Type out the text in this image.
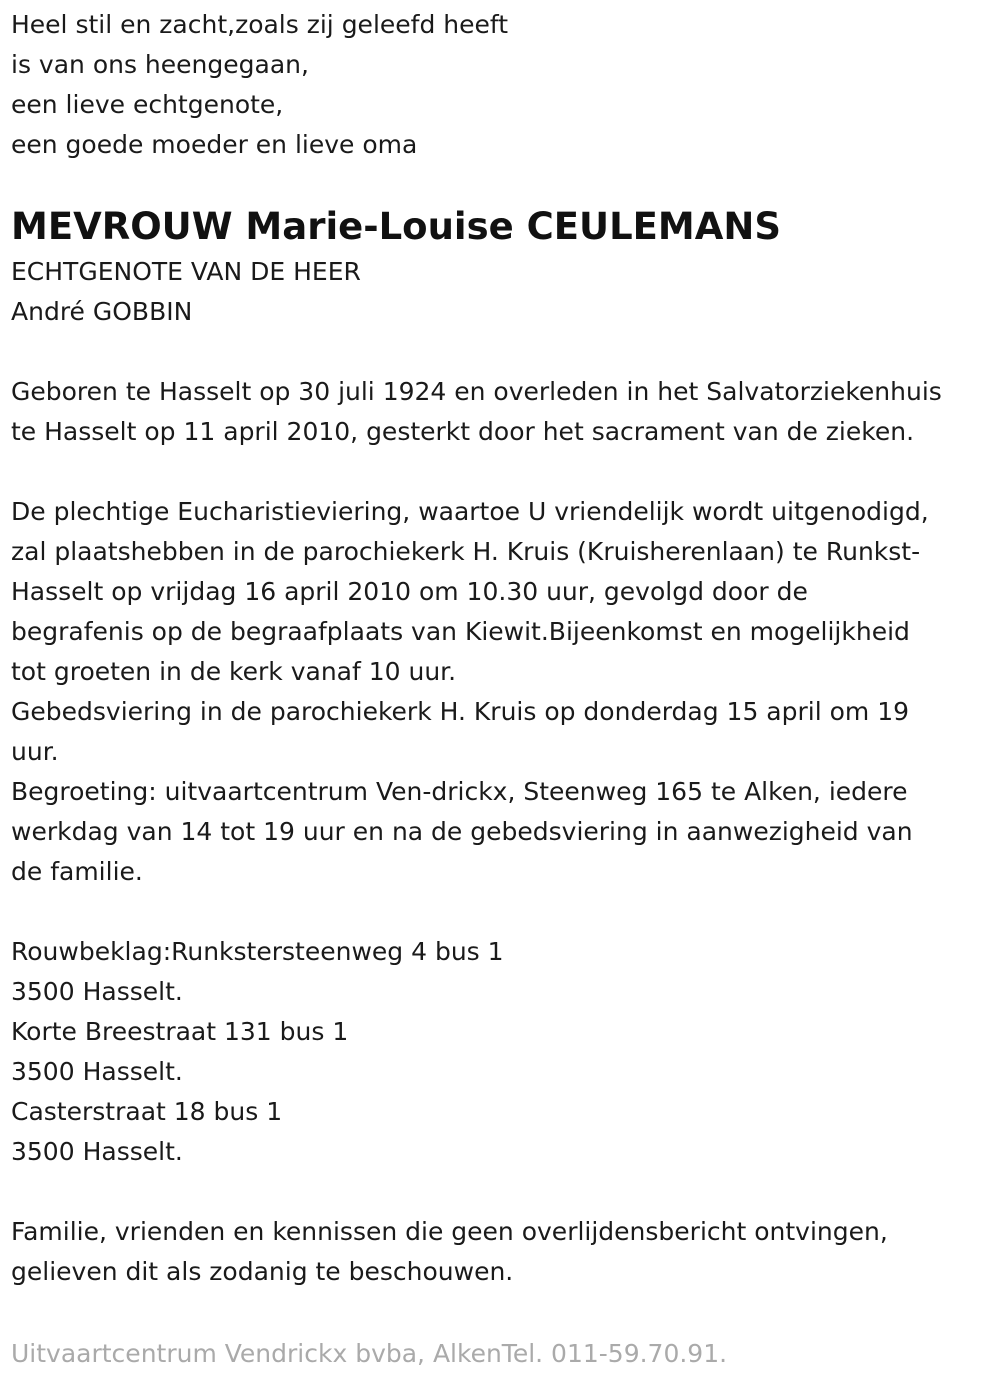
Heel stil en zacht,zoals zij geleefd heeft
is van ons heengegaan,
een lieve echtgenote,
een goede moeder en lieve oma
MEVROUW Marie-Louise CEULEMANS
ECHTGENOTE VAN DE HEER
André GOBBIN
Geboren te Hasselt op 30 juli 1924 en overleden in het Salvatorziekenhuis
te Hasselt op 11 april 2010, gesterkt door het sacrament van de zieken.
De plechtige Eucharistieviering, waartoe U vriendelijk wordt uitgenodigd,
zal plaatshebben in de parochiekerk H. Kruis (Kruisherenlaan) te Runkst-
Hasselt op vrijdag 16 april 2010 om 10.30 uur, gevolgd door de
begrafenis op de begraafplaats van Kiewit.Bijeenkomst en mogelijkheid
tot groeten in de kerk vanaf 10 uur.
Gebedsviering in de parochiekerk H. Kruis op donderdag 15 april om 19
uur.
Begroeting: uitvaartcentrum Ven-drickx, Steenweg 165 te Alken, iedere
werkdag van 14 tot 19 uur en na de gebedsviering in aanwezigheid van
de familie.
Rouwbeklag:Runkstersteenweg 4 bus 1
3500 Hasselt.
Korte Breestraat 131 bus 1
3500 Hasselt.
Casterstraat 18 bus 1
3500 Hasselt.
Familie, vrienden en kennissen die geen overlijdensbericht ontvingen,
gelieven dit als zodanig te beschouwen.
Uitvaartcentrum Vendrickx bvba, AlkenTel. 011-59.70.91.
